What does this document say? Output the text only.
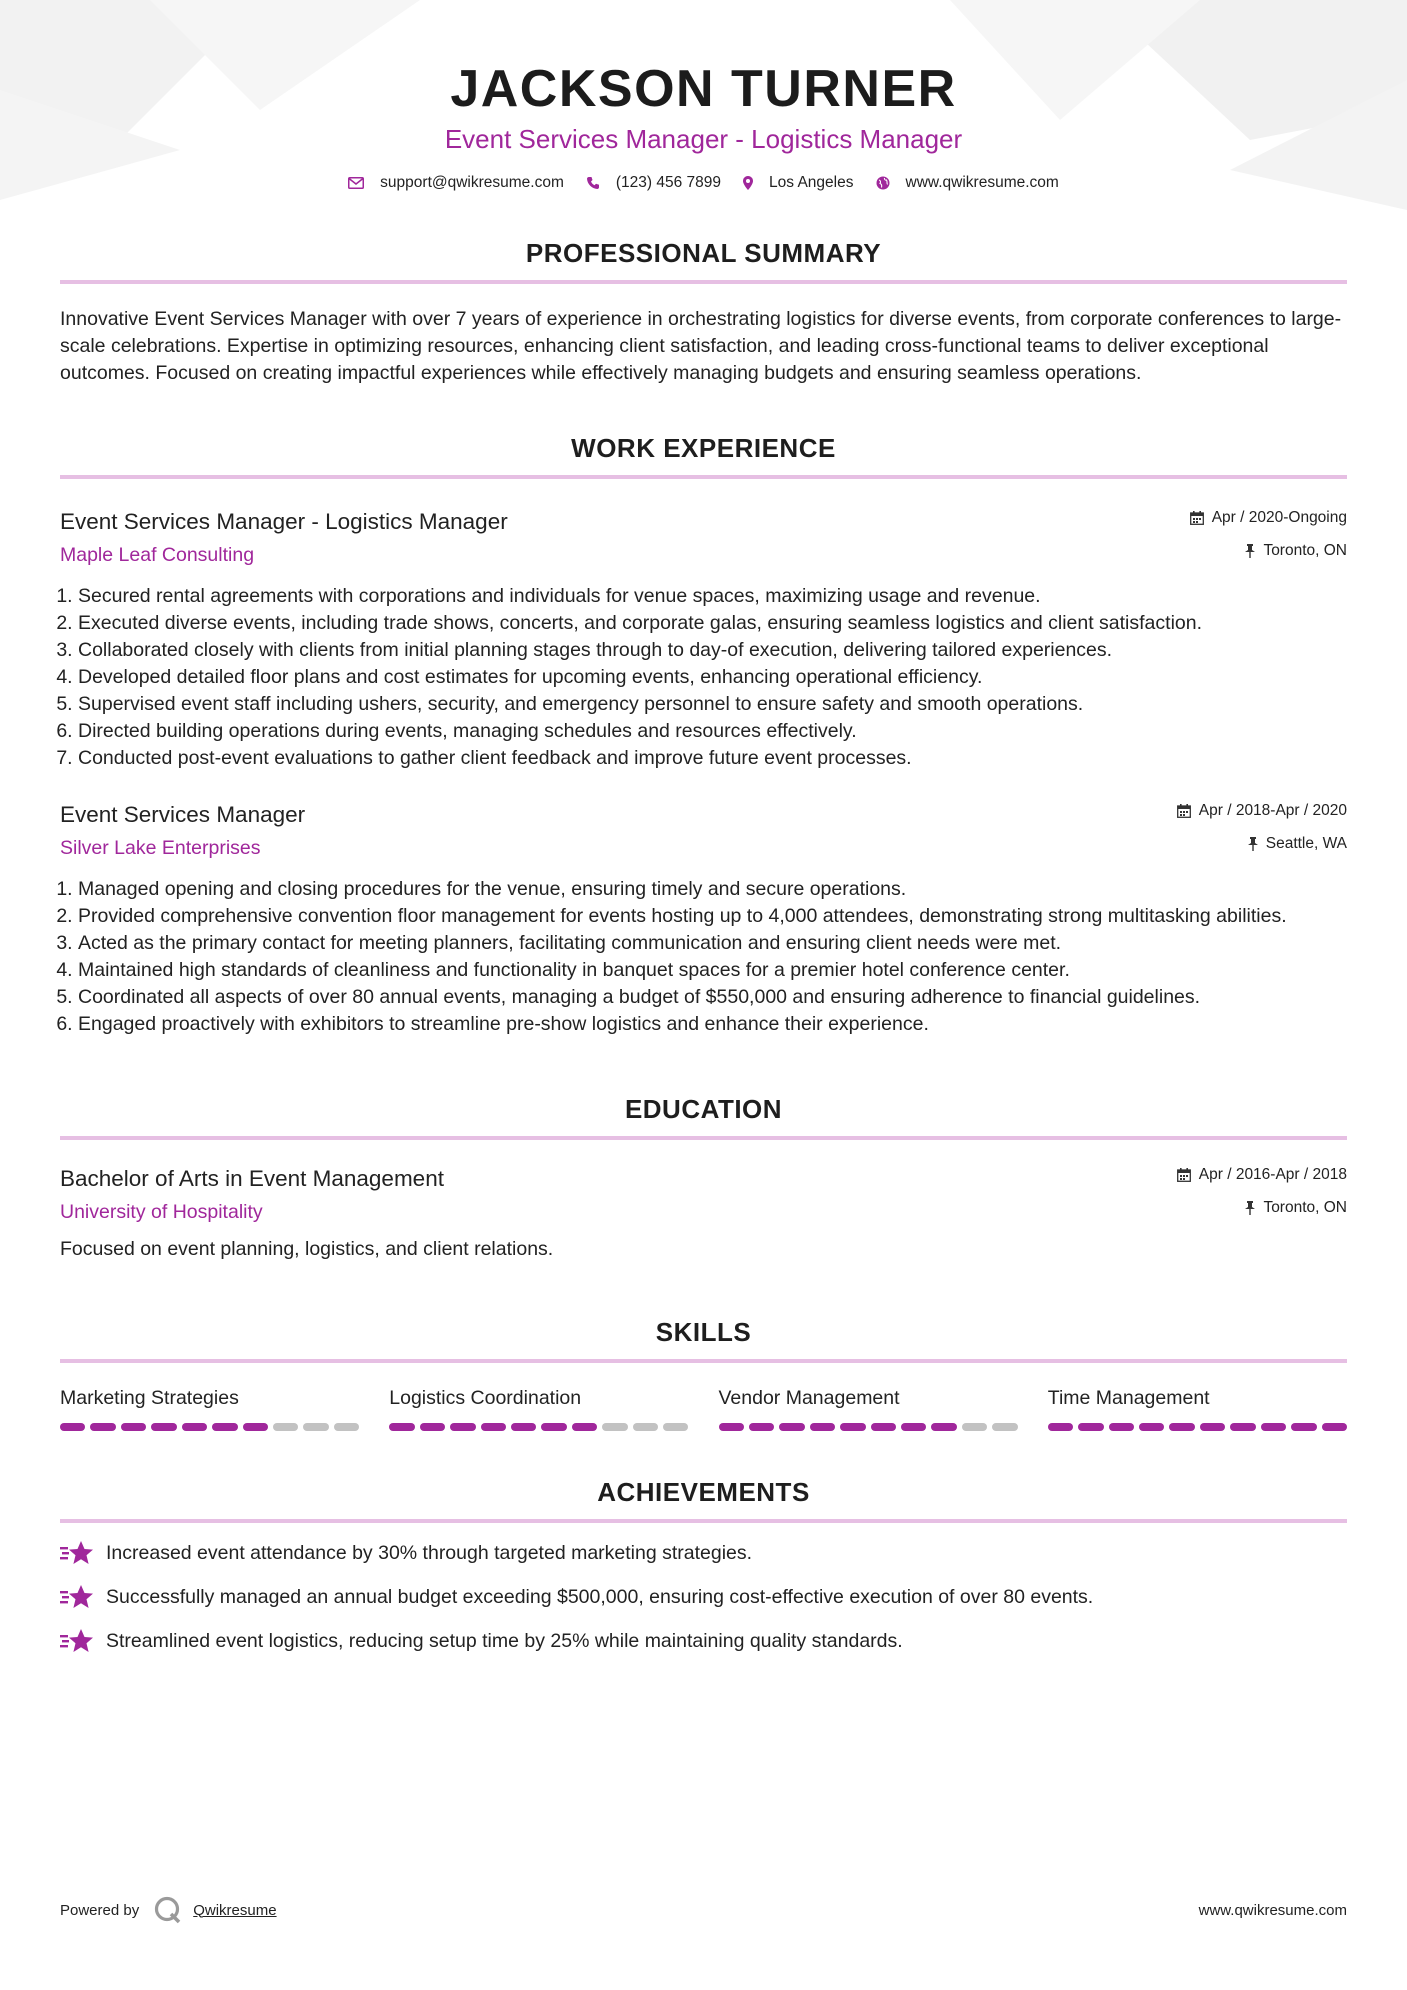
JACKSON TURNER
Event Services Manager - Logistics Manager
support@qwikresume.com	(123) 456 7899	Los Angeles	www.qwikresume.com
PROFESSIONAL SUMMARY
Innovative Event Services Manager with over 7 years of experience in orchestrating logistics for diverse events, from corporate conferences to large-scale celebrations. Expertise in optimizing resources, enhancing client satisfaction, and leading cross-functional teams to deliver exceptional outcomes. Focused on creating impactful experiences while effectively managing budgets and ensuring seamless operations.
WORK EXPERIENCE
Event Services Manager - Logistics Manager
Maple Leaf Consulting
Apr / 2020-Ongoing
Toronto, ON
1. Secured rental agreements with corporations and individuals for venue spaces, maximizing usage and revenue.
2. Executed diverse events, including trade shows, concerts, and corporate galas, ensuring seamless logistics and client satisfaction.
3. Collaborated closely with clients from initial planning stages through to day-of execution, delivering tailored experiences.
4. Developed detailed floor plans and cost estimates for upcoming events, enhancing operational efficiency.
5. Supervised event staff including ushers, security, and emergency personnel to ensure safety and smooth operations.
6. Directed building operations during events, managing schedules and resources effectively.
7. Conducted post-event evaluations to gather client feedback and improve future event processes.
Event Services Manager
Silver Lake Enterprises
Apr / 2018-Apr / 2020
Seattle, WA
1. Managed opening and closing procedures for the venue, ensuring timely and secure operations.
2. Provided comprehensive convention floor management for events hosting up to 4,000 attendees, demonstrating strong multitasking abilities.
3. Acted as the primary contact for meeting planners, facilitating communication and ensuring client needs were met.
4. Maintained high standards of cleanliness and functionality in banquet spaces for a premier hotel conference center.
5. Coordinated all aspects of over 80 annual events, managing a budget of $550,000 and ensuring adherence to financial guidelines.
6. Engaged proactively with exhibitors to streamline pre-show logistics and enhance their experience.
EDUCATION
Bachelor of Arts in Event Management
University of Hospitality
Apr / 2016-Apr / 2018
Toronto, ON
Focused on event planning, logistics, and client relations.
SKILLS
Marketing Strategies	Logistics Coordination	Vendor Management	Time Management
ACHIEVEMENTS
Increased event attendance by 30% through targeted marketing strategies.
Successfully managed an annual budget exceeding $500,000, ensuring cost-effective execution of over 80 events.
Streamlined event logistics, reducing setup time by 25% while maintaining quality standards.
Powered by	Qwikresume	www.qwikresume.com
